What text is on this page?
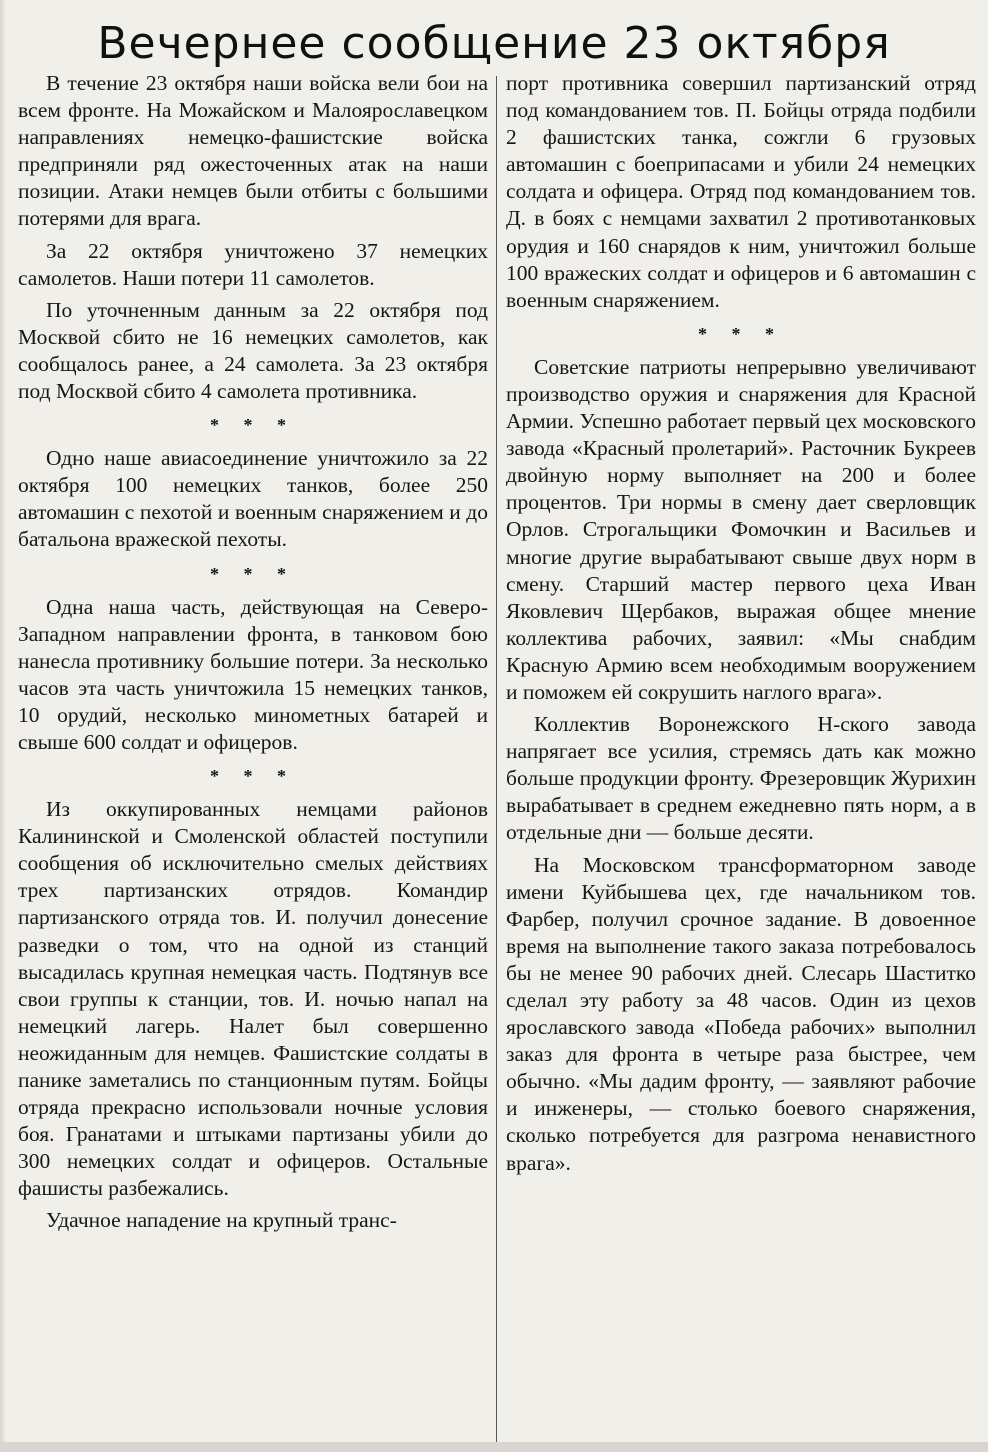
Вечернее сообщение 23 октября

В течение 23 октября наши войска вели бои на всем фронте. На Можайском и Малоярославецком направлениях немецко-фашистские войска предприняли ряд ожесточенных атак на наши позиции. Атаки немцев были отбиты с большими потерями для врага.

За 22 октября уничтожено 37 немецких самолетов. Наши потери 11 самолетов.

По уточненным данным за 22 октября под Москвой сбито не 16 немецких самолетов, как сообщалось ранее, а 24 самолета. За 23 октября под Москвой сбито 4 самолета противника.

* * *

Одно наше авиасоединение уничтожило за 22 октября 100 немецких танков, более 250 автомашин с пехотой и военным снаряжением и до батальона вражеской пехоты.

* * *

Одна наша часть, действующая на Северо-Западном направлении фронта, в танковом бою нанесла противнику большие потери. За несколько часов эта часть уничтожила 15 немецких танков, 10 орудий, несколько минометных батарей и свыше 600 солдат и офицеров.

* * *

Из оккупированных немцами районов Калининской и Смоленской областей поступили сообщения об исключительно смелых действиях трех партизанских отрядов. Командир партизанского отряда тов. И. получил донесение разведки о том, что на одной из станций высадилась крупная немецкая часть. Подтянув все свои группы к станции, тов. И. ночью напал на немецкий лагерь. Налет был совершенно неожиданным для немцев. Фашистские солдаты в панике заметались по станционным путям. Бойцы отряда прекрасно использовали ночные условия боя. Гранатами и штыками партизаны убили до 300 немецких солдат и офицеров. Остальные фашисты разбежались.

Удачное нападение на крупный транс-

порт противника совершил партизанский отряд под командованием тов. П. Бойцы отряда подбили 2 фашистских танка, сожгли 6 грузовых автомашин с боеприпасами и убили 24 немецких солдата и офицера. Отряд под командованием тов. Д. в боях с немцами захватил 2 противотанковых орудия и 160 снарядов к ним, уничтожил больше 100 вражеских солдат и офицеров и 6 автомашин с военным снаряжением.

* * *

Советские патриоты непрерывно увеличивают производство оружия и снаряжения для Красной Армии. Успешно работает первый цех московского завода «Красный пролетарий». Расточник Букреев двойную норму выполняет на 200 и более процентов. Три нормы в смену дает сверловщик Орлов. Строгальщики Фомочкин и Васильев и многие другие вырабатывают свыше двух норм в смену. Старший мастер первого цеха Иван Яковлевич Щербаков, выражая общее мнение коллектива рабочих, заявил: «Мы снабдим Красную Армию всем необходимым вооружением и поможем ей сокрушить наглого врага».

Коллектив Воронежского Н-ского завода напрягает все усилия, стремясь дать как можно больше продукции фронту. Фрезеровщик Журихин вырабатывает в среднем ежедневно пять норм, а в отдельные дни — больше десяти.

На Московском трансформаторном заводе имени Куйбышева цех, где начальником тов. Фарбер, получил срочное задание. В довоенное время на выполнение такого заказа потребовалось бы не менее 90 рабочих дней. Слесарь Шаститко сделал эту работу за 48 часов. Один из цехов ярославского завода «Победа рабочих» выполнил заказ для фронта в четыре раза быстрее, чем обычно. «Мы дадим фронту, — заявляют рабочие и инженеры, — столько боевого снаряжения, сколько потребуется для разгрома ненавистного врага».
